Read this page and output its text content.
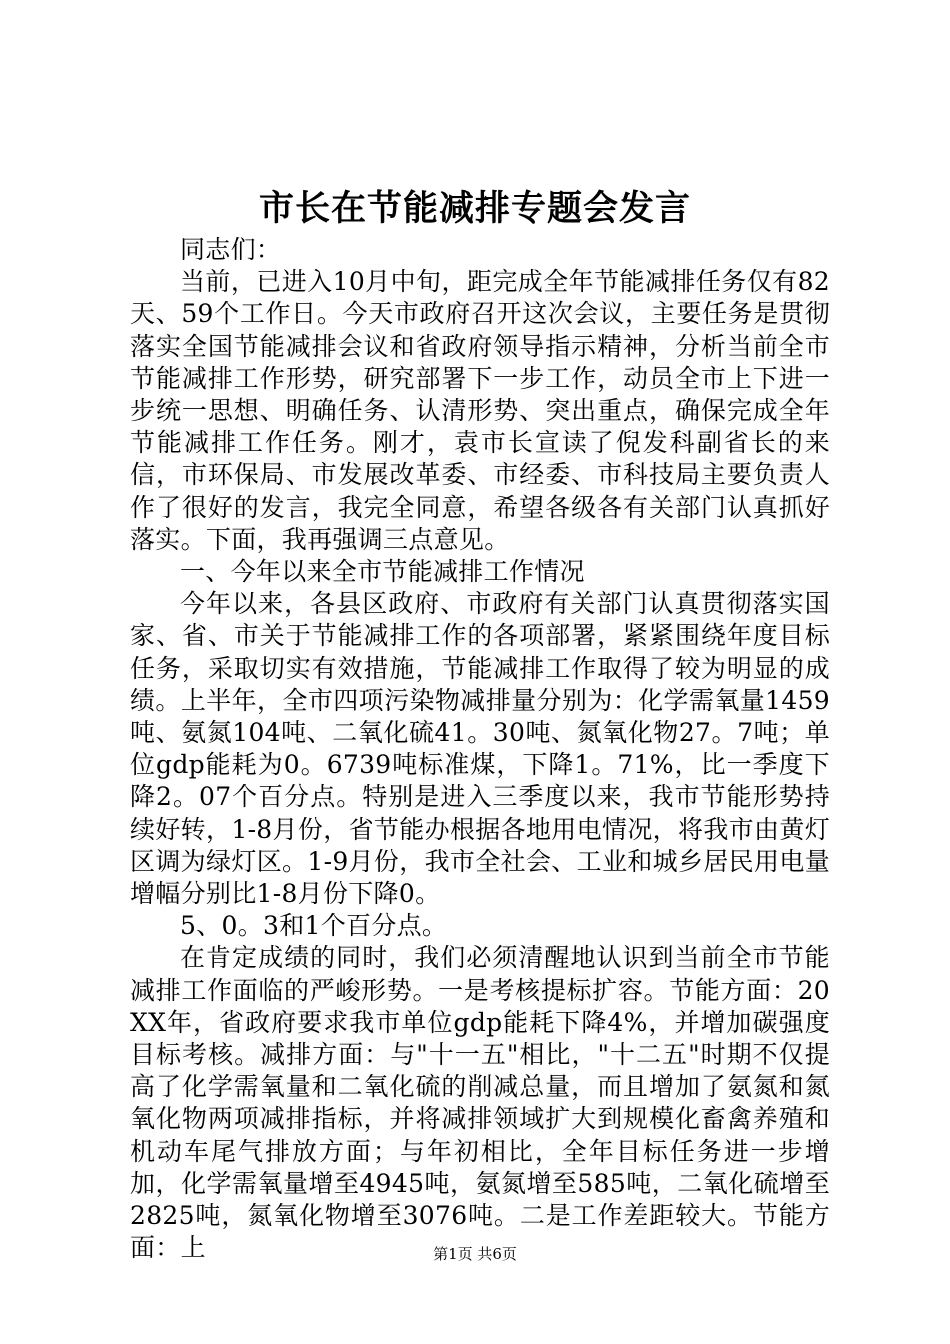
市长在节能减排专题会发言

同志们：

当前，已进入10月中旬，距完成全年节能减排任务仅有82天、59个工作日。今天市政府召开这次会议，主要任务是贯彻落实全国节能减排会议和省政府领导指示精神，分析当前全市节能减排工作形势，研究部署下一步工作，动员全市上下进一步统一思想、明确任务、认清形势、突出重点，确保完成全年节能减排工作任务。刚才，袁市长宣读了倪发科副省长的来信，市环保局、市发展改革委、市经委、市科技局主要负责人作了很好的发言，我完全同意，希望各级各有关部门认真抓好落实。下面，我再强调三点意见。

一、今年以来全市节能减排工作情况

今年以来，各县区政府、市政府有关部门认真贯彻落实国家、省、市关于节能减排工作的各项部署，紧紧围绕年度目标任务，采取切实有效措施，节能减排工作取得了较为明显的成绩。上半年，全市四项污染物减排量分别为：化学需氧量1459吨、氨氮104吨、二氧化硫41。30吨、氮氧化物27。7吨；单位gdp能耗为0。6739吨标准煤，下降1。71%，比一季度下降2。07个百分点。特别是进入三季度以来，我市节能形势持续好转，1-8月份，省节能办根据各地用电情况，将我市由黄灯区调为绿灯区。1-9月份，我市全社会、工业和城乡居民用电量增幅分别比1-8月份下降0。

5、0。3和1个百分点。

在肯定成绩的同时，我们必须清醒地认识到当前全市节能减排工作面临的严峻形势。一是考核提标扩容。节能方面：20XX年，省政府要求我市单位gdp能耗下降4%，并增加碳强度目标考核。减排方面：与"十一五"相比，"十二五"时期不仅提高了化学需氧量和二氧化硫的削减总量，而且增加了氨氮和氮氧化物两项减排指标，并将减排领域扩大到规模化畜禽养殖和机动车尾气排放方面；与年初相比，全年目标任务进一步增加，化学需氧量增至4945吨，氨氮增至585吨，二氧化硫增至2825吨，氮氧化物增至3076吨。二是工作差距较大。节能方面：上	第1页 共6页
